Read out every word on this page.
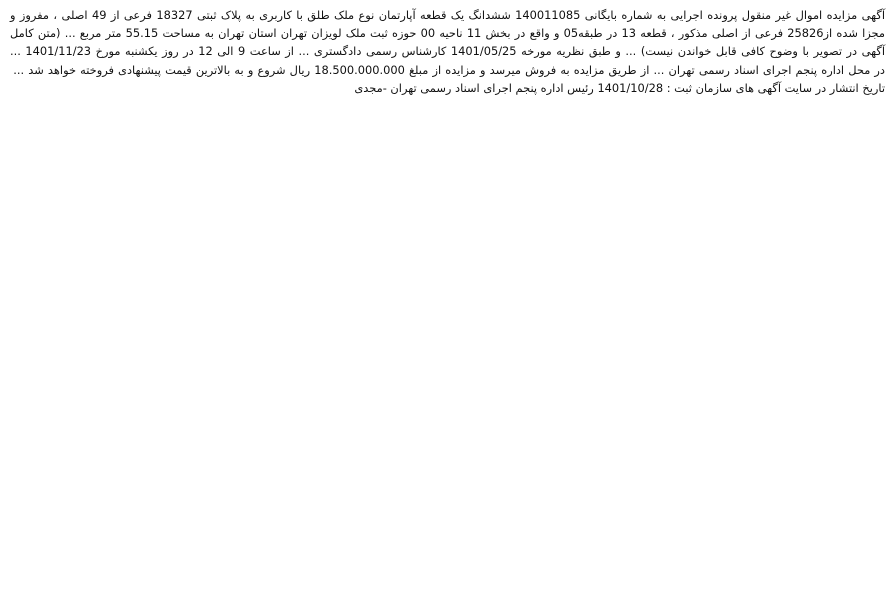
آگهی مزایده اموال غیر منقول پرونده اجرایی به شماره بایگانی 140011085 ششدانگ یک قطعه آپارتمان نوع ملک طلق با کاربری به پلاک ثبتی 18327 فرعی از 49 اصلی ، مفروز و مجزا شده از25826 فرعی از اصلی مذکور ، قطعه 13 در طبقه05 و واقع در بخش 11 ناحیه 00 حوزه ثبت ملک لویزان تهران استان تهران به مساحت 55.15 متر مربع ... (متن کامل آگهی در تصویر با وضوح کافی قابل خواندن نیست) ... و طبق نظریه مورخه 1401/05/25 کارشناس رسمی دادگستری ... از ساعت 9 الی 12 در روز یکشنبه مورخ 1401/11/23 ... در محل اداره پنجم اجرای اسناد رسمی تهران ... از طریق مزایده به فروش میرسد و مزایده از مبلغ 18.500.000.000 ریال شروع و به بالاترین قیمت پیشنهادی فروخته خواهد شد ...

تاریخ انتشار در سایت آگهی های سازمان ثبت : 1401/10/28 رئیس اداره پنجم اجرای اسناد رسمی تهران -مجدی
